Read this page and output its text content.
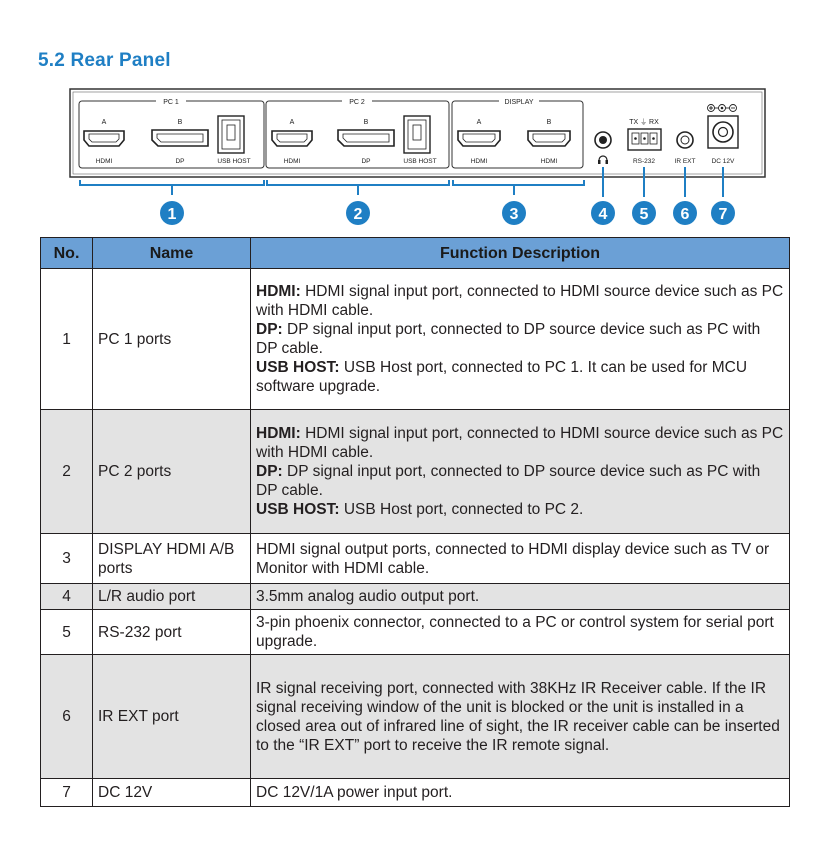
5.2 Rear Panel
PC 1	PC 2	DISPLAY
A	B
HDMI	DP	USB HOST
A	B
HDMI	DP	USB HOST
A	B
HDMI	HDMI
TX ⏚ RX
RS-232	IR EXT DC 12V
1	2	3	4 5 6 7
No.	Name	Function Description
1	PC 1 ports	HDMI: HDMI signal input port, connected to HDMI source device such as PC with HDMI cable.
DP: DP signal input port, connected to DP source device such as PC with DP cable.
USB HOST: USB Host port, connected to PC 1. It can be used for MCU software upgrade.

2	PC 2 ports	HDMI: HDMI signal input port, connected to HDMI source device such as PC with HDMI cable.
DP: DP signal input port, connected to DP source device such as PC with DP cable.
USB HOST: USB Host port, connected to PC 2.

3	DISPLAY HDMI A/B ports	HDMI signal output ports, connected to HDMI display device such as TV or Monitor with HDMI cable.

4	L/R audio port	3.5mm analog audio output port.

5	RS-232 port	3-pin phoenix connector, connected to a PC or control system for serial port upgrade.

6	IR EXT port	IR signal receiving port, connected with 38KHz IR Receiver cable. If the IR signal receiving window of the unit is blocked or the unit is installed in a closed area out of infrared line of sight, the IR receiver cable can be inserted to the “IR EXT” port to receive the IR remote signal.

7	DC 12V	DC 12V/1A power input port.
